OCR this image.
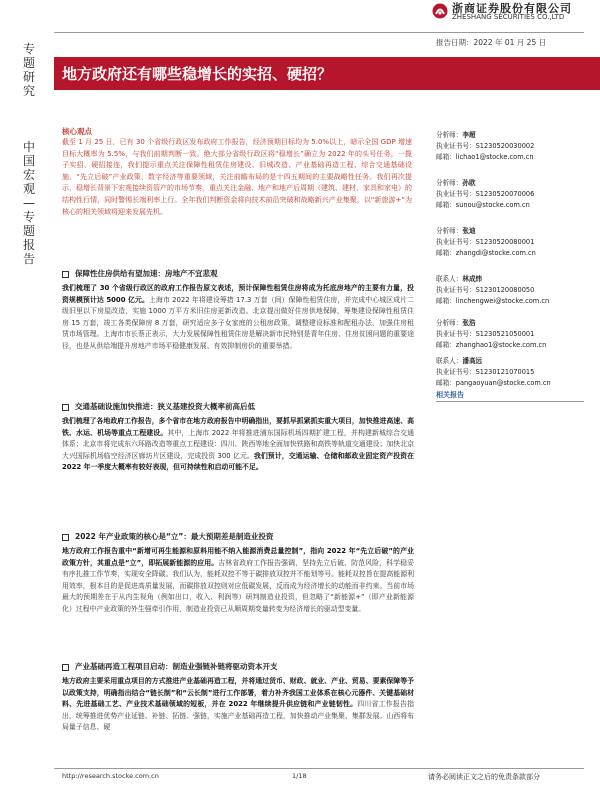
浙商证券股份有限公司
ZHESHANG SECURITIES CO.,LTD
报告日期：2022 年 01 月 25 日
专题研究
中国宏观—专题报告
地方政府还有哪些稳增长的实招、硬招？
核心观点
截至 1 月 25 日，已有 30 个省级行政区发布政府工作报告，经济预期目标均为 5.0%以上，暗示全国 GDP 增速目标大概率为 5.5%，与我们前期判断一致。绝大部分省级行政区将“稳增长”确立为 2022 年的头号任务，一揽子实招、硬招接连，我们提示重点关注保障性租赁住房建设、旧城改造、产业基础再造工程、综合交通基础设施、“先立后破”产业政策、数字经济等重要领域，关注前瞻布局的是十四五期间的主要战略性任务。我们再次提示，稳增长背景下宏观接续资管产的市场节奏，重点关注金融、地产和地产后周期（建筑、建材、家具和家电）的结构性行情，同时警惕长端利率上行。全年我们判断资金将向技术前沿突破和战略新兴产业集聚，以“新旅游+”为核心的相关领域将迎来发展先机。
保障性住房供给有望加速：房地产不宜悲观
我们梳理了 30 个省级行政区的政府工作报告原文表述，预计保障性租赁住房将成为托底房地产的主要有力量，投资规模预计达 5000 亿元。上海市 2022 年将建设筹措 17.3 万套（间）保障性租赁住房，并完成中心城区成片二级旧里以下房屋改造，实施 1000 万平方米旧住房更新改造。北京提出做好住房供地保障，筹集建设保障性租赁住房 15 万套，竣工各类保障房 8 万套，研究适应多子女家庭的公租房政策，调整建设标准和配租办法，加强住房租赁市场管理。上海市市长萘正表示，大力发展保障性租赁住房是解决新市民特别是青年住房、住房贫困问题的重要途径，也是从供给端提升房地产市场平稳健康发展、有效抑制房价的重要举措。
交通基础设施加快推进：狭义基建投资大概率前高后低
我们梳理了各地政府工作报告，多个省市在地方政府报告中明确指出，要抓早抓紧抓实重大项目，加快推进高速、高铁、水运、机场等重点工程建设。其中，上海市 2022 年将推进浦东国际机场四期扩建工程，并构建新城综合交通体系；北京市将完成东六环路改造等重点工程建设：四川、陕西等地全面加快铁路和高铁等轨道交通建设；加快北京大兴国际机场临空经济区廊坊片区建设，完成投资 300 亿元。我们预计，交通运输、仓储和邮政业固定资产投资在 2022 年一季度大概率有较好表现，但可持续性和启动可能不足。
2022 年产业政策的核心是“立”：最大预期差是制造业投资
地方政府工作报告重中“新增可再生能源和原料用能不纳入能源消费总量控制”，指向 2022 年“先立后破”的产业政策方针，其重点是“立”，即拓展新能源的应用。吉林省政府工作报告强调，坚持先立后破、防范风险，科学稳妥有序扎推工作节奏，实现安全降碳。我们认为，能耗双控不等于碳排放双控并不能划等号。能耗双控旨在提高能源利用效率，根本目的是促进高质量发展，而碳排放双控则对应低碳发展，反而成为经济增长的动能而非约束。当前市场最大的预期差在于从内生视角（例如出口，收入、利润等）研判制造业投资，但忽略了“新能源+”（即产业新能源化）过程中产业政策的外生强牵引作用，制造业投资已从顺周期变量转变为经济增长的驱动型变量。
产业基础再造工程项目启动：制造业强链补链将驱动资本开支
地方政府主要采用重点项目的方式推进产业基础再造工程，并将通过货币、财政、就业、产业、贸易、要素保障等予以政策支持，明确指出结合“链长制”和“云长制”进行工作部署，着力补齐我国工业体系在核心元器件、关键基础材料、先进基础工艺、产业技术基础领域的短板，并在 2022 年继续提升供应链和产业链韧性。四川省工作报告指出，统筹推进优势产业延链、补链、拓链、强链，实施产业基础再造工程，加快推动产业集聚、集群发展。山西将布局量子信息、硬
分析师：李超
执业证书号：S1230520030002
邮箱：lichao1@stocke.com.cn
分析师：孙欧
执业证书号：S1230520070006
邮箱：sunou@stocke.com.cn
分析师：张迪
执业证书号：S1230520080001
邮箱：zhangdi@stocke.com.cn
联系人：林成炜
执业证书号：S1230120080050
邮箱：linchengwei@stocke.com.cn
分析师：张浩
执业证书号：S1230521050001
邮箱：zhanghao1@stocke.com.cn
联系人：潘高远
执业证书号：S1230121070015
邮箱：pangaoyuan@stocke.com.cn
相关报告
http://research.stocke.com.cn	1/18	请务必阅读正文之后的免责条款部分
